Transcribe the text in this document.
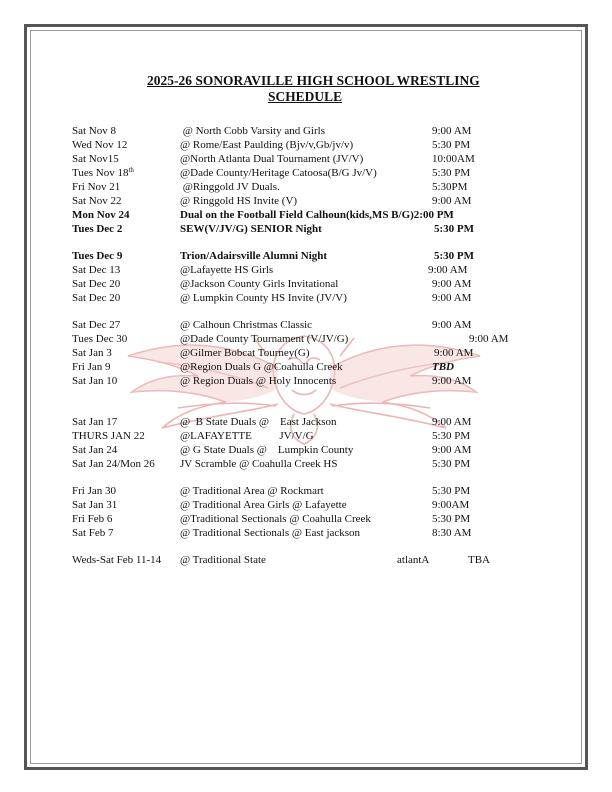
2025-26 SONORAVILLE HIGH SCHOOL WRESTLING
SCHEDULE
Sat Nov 8	@ North Cobb Varsity and Girls	9:00 AM
Wed Nov 12	@ Rome/East Paulding (Bjv/v,Gb/jv/v)	5:30 PM
Sat Nov15	@North Atlanta Dual Tournament (JV/V)	10:00AM
Tues Nov 18th	@Dade County/Heritage Catoosa(B/G Jv/V)	5:30 PM
Fri Nov 21	@Ringgold JV Duals.	5:30PM
Sat Nov 22	@ Ringgold HS Invite (V)	9:00 AM
Mon Nov 24	Dual on the Football Field Calhoun(kids,MS B/G)2:00 PM
Tues Dec 2	SEW(V/JV/G) SENIOR Night	5:30 PM
Tues Dec 9	Trion/Adairsville Alumni Night	5:30 PM
Sat Dec 13	@Lafayette HS Girls	9:00 AM
Sat Dec 20	@Jackson County Girls Invitational	9:00 AM
Sat Dec 20	@ Lumpkin County HS Invite (JV/V)	9:00 AM
Sat Dec 27	@ Calhoun Christmas Classic	9:00 AM
Tues Dec 30	@Dade County Tournament (V/JV/G)	9:00 AM
Sat Jan 3	@Gilmer Bobcat Tourney(G)	9:00 AM
Fri Jan 9	@Region Duals G @Coahulla Creek	TBD
Sat Jan 10	@ Region Duals @ Holy Innocents	9:00 AM
Sat Jan 17	@  B State Duals @    East Jackson	9:00 AM
THURS JAN 22	@LAFAYETTE          JV/V/G	5:30 PM
Sat Jan 24	@ G State Duals @    Lumpkin County	9:00 AM
Sat Jan 24/Mon 26 JV Scramble @ Coahulla Creek HS	5:30 PM
Fri Jan 30	@ Traditional Area @ Rockmart	5:30 PM
Sat Jan 31	@ Traditional Area Girls @ Lafayette	9:00AM
Fri Feb 6	@Traditional Sectionals @ Coahulla Creek	5:30 PM
Sat Feb 7	@ Traditional Sectionals @ East jackson	8:30 AM
Weds-Sat Feb 11-14 @ Traditional State	atlantA	TBA
